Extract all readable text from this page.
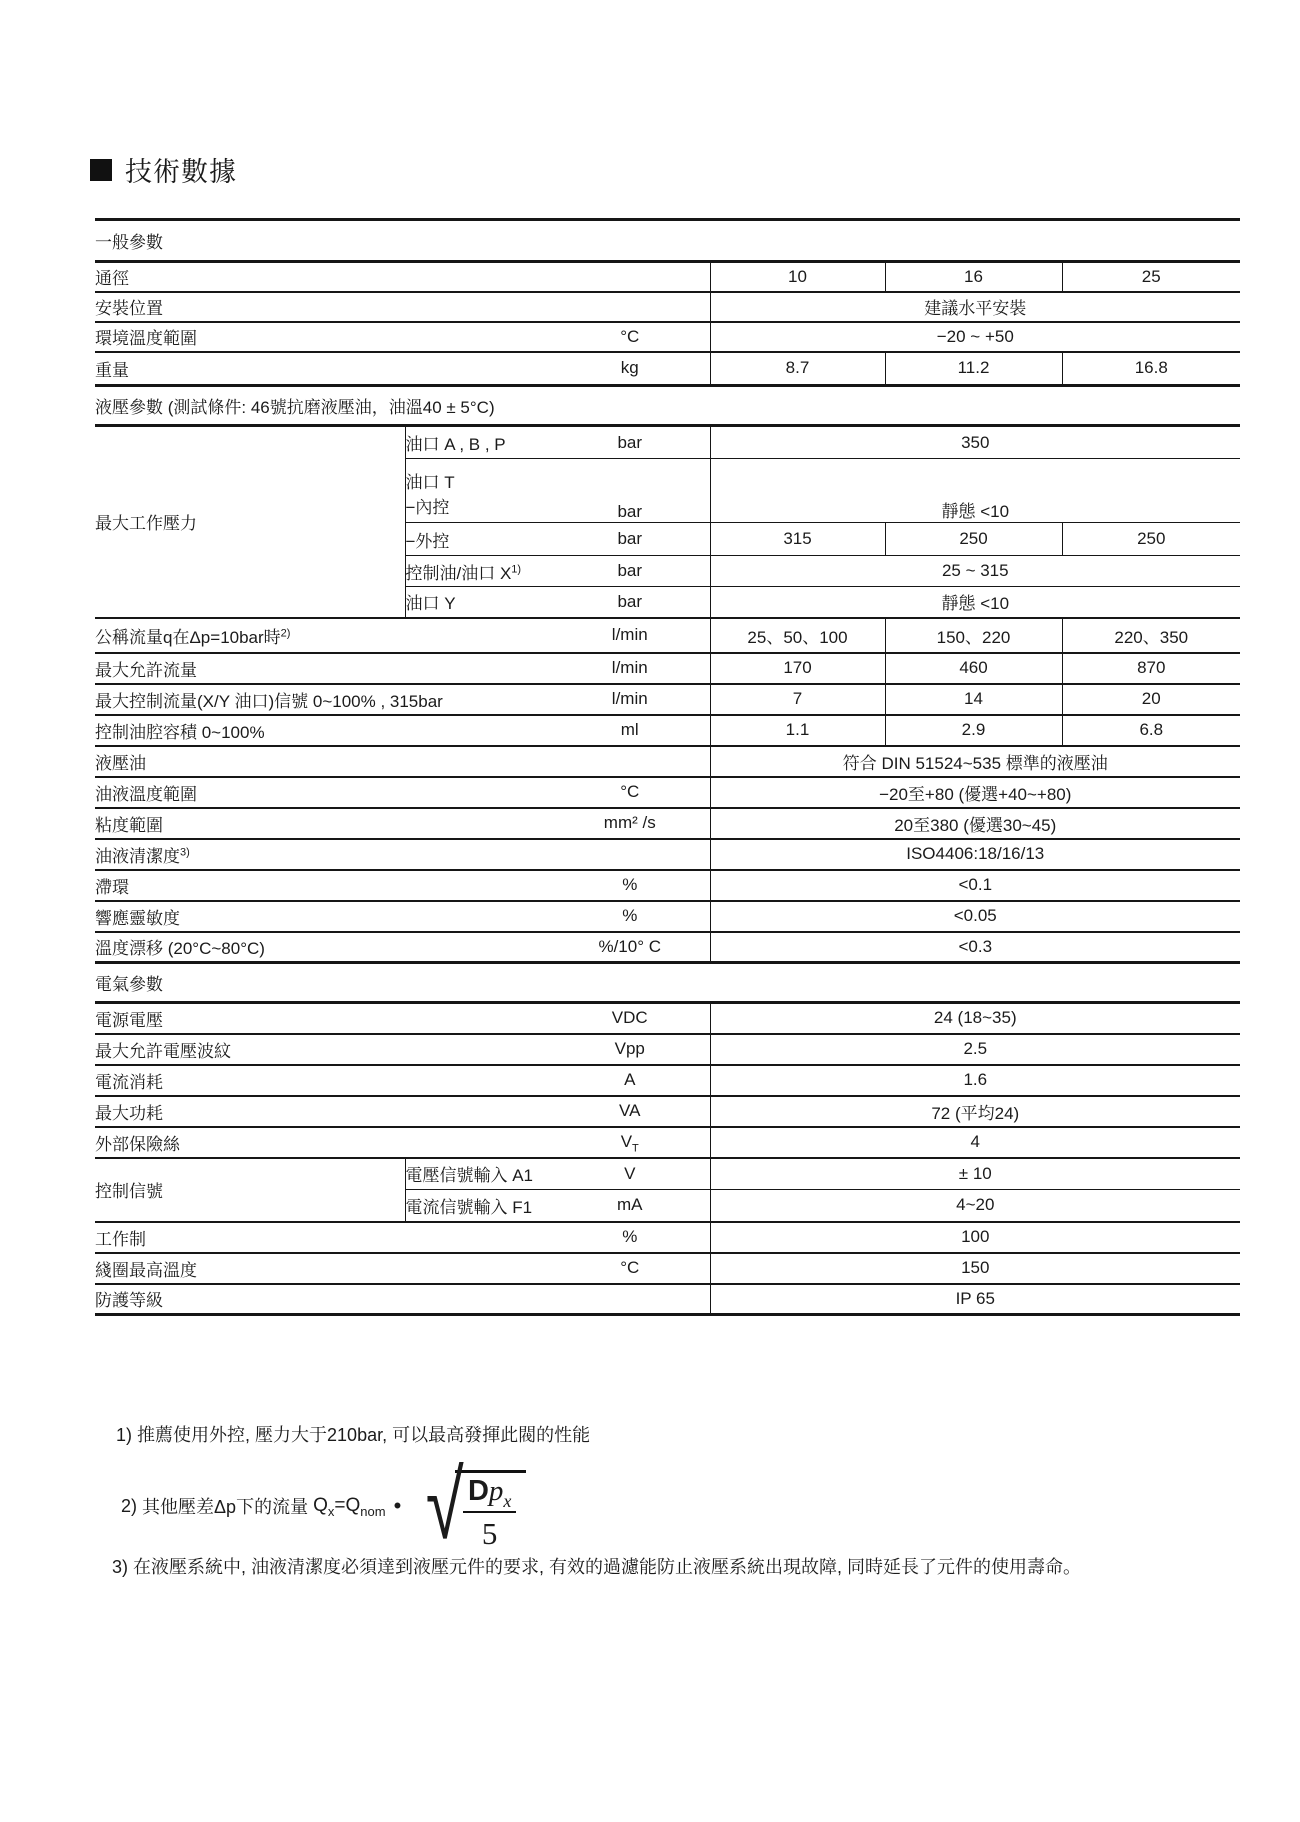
技術數據
一般參數					
通徑			10	16	25
安裝位置			建議水平安裝		
環境溫度範圍		°C	−20 ~ +50		
重量		kg	8.7	11.2	16.8
液壓參數 (測試條件: 46號抗磨液壓油，油溫40 ± 5°C)					
最大工作壓力	油口 A , B , P	bar	350		

	油口 T
−內控	bar	靜態 <10		
	−外控	bar	315	250	250
	控制油/油口 X$^{1)}$	bar	25 ~ 315		
	油口 Y	bar	靜態 <10		
公稱流量q在Δp=10bar時$^{2)}$		l/min	25、50、100	150、220	220、350
最大允許流量		l/min	170	460	870
最大控制流量(X/Y 油口)信號 0~100% , 315bar		l/min	7	14	20
控制油腔容積 0~100%		ml	1.1	2.9	6.8
液壓油			符合 DIN 51524~535 標準的液壓油		
油液溫度範圍		°C	−20至+80 (優選+40~+80)		
粘度範圍		mm² /s	20至380 (優選30~45)		
油液清潔度$^{3)}$			ISO4406:18/16/13		
滯環		%	<0.1		
響應靈敏度		%	<0.05		
溫度漂移 (20°C~80°C)		%/10° C	<0.3		
電氣參數					
電源電壓		VDC	24 (18~35)		
最大允許電壓波紋		Vpp	2.5		
電流消耗		A	1.6		
最大功耗		VA	72 (平均24)		
外部保險絲		$V_T$	4		
控制信號	電壓信號輸入 A1	V	± 10		
	電流信號輸入 F1	mA	4~20		
工作制		%	100		
綫圈最高溫度		°C	150		
防護等級			IP 65		
1) 推薦使用外控, 壓力大于210bar, 可以最高發揮此閥的性能
2)
其他壓差Δp下的流量
$Q_x=Q_{nom}$ • √
$\frac{Dp_x}{5}$
3) 在液壓系統中, 油液清潔度必須達到液壓元件的要求, 有效的過濾能防止液壓系統出現故障, 同時延長了元件的使用壽命。
